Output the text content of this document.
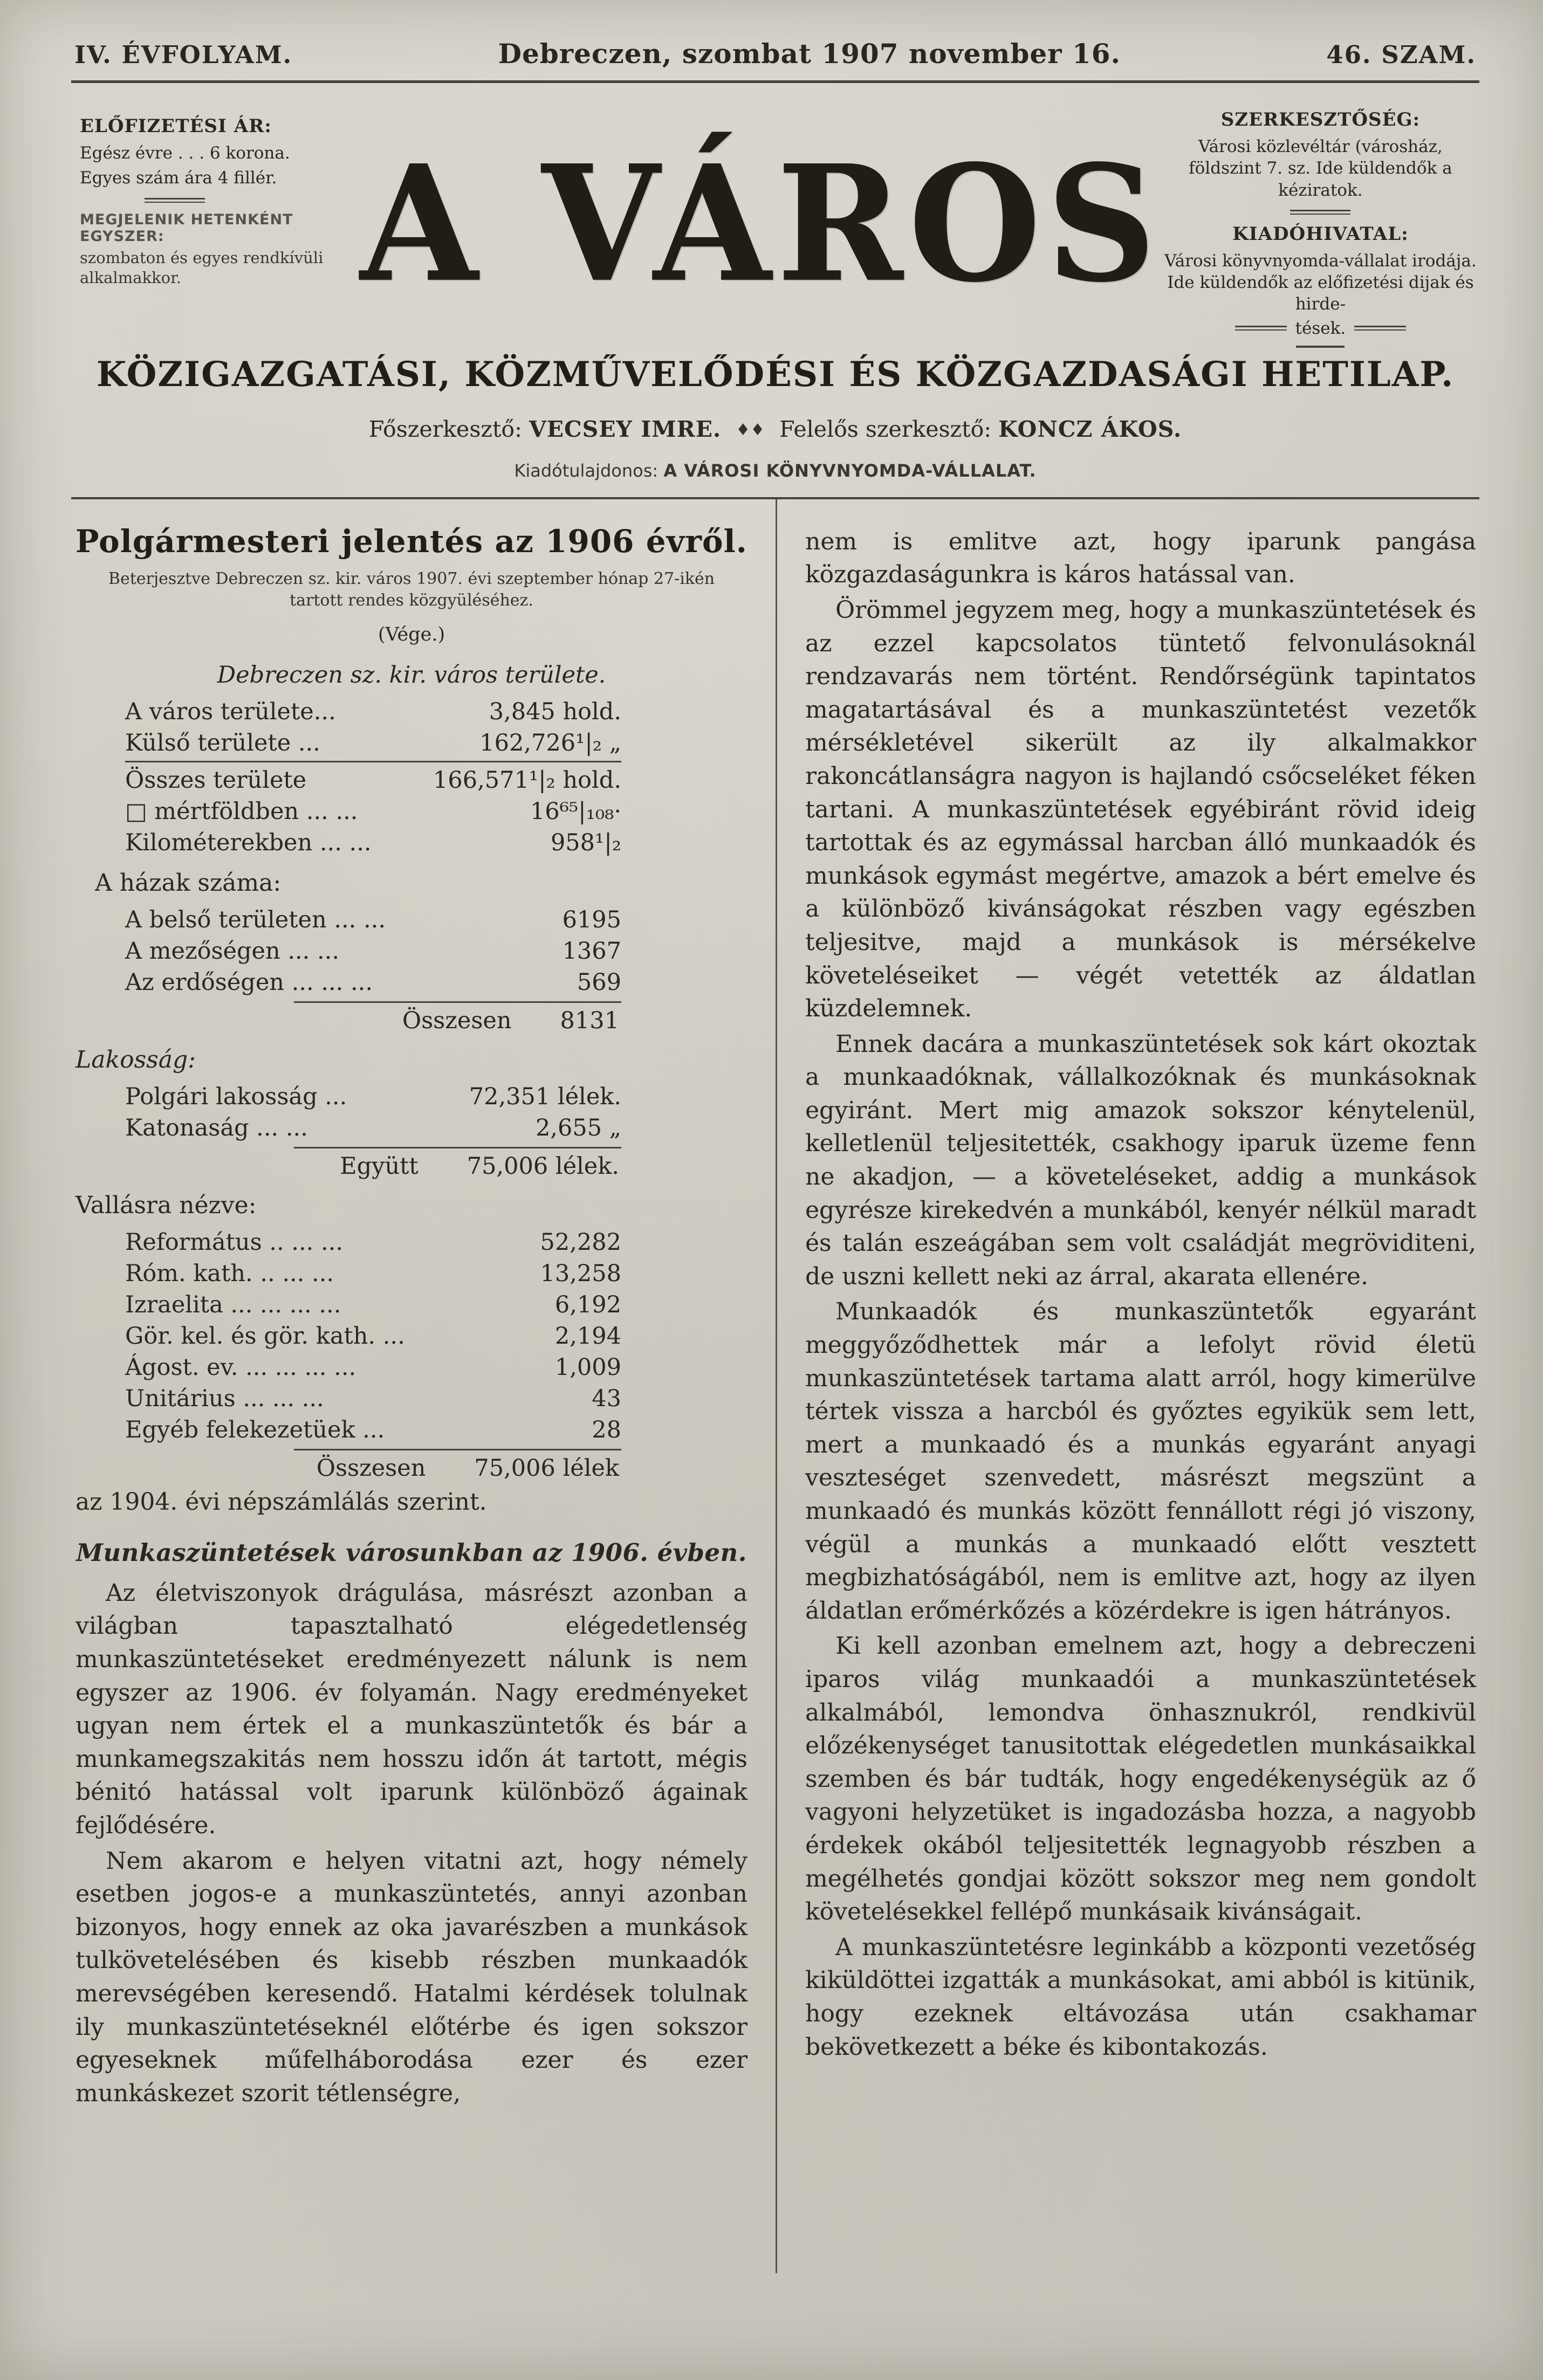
IV. ÉVFOLYAM.	Debreczen, szombat 1907 november 16.	46. SZAM.
ELŐFIZETÉSI ÁR:
Egész évre . . . 6 korona.
Egyes szám ára 4 fillér.
MEGJELENIK HETENKÉNT EGYSZER:
szombaton és egyes rendkívüli alkalmakkor.	A VÁROS
SZERKESZTŐSÉG:
Városi közlevéltár (városház, földszint 7. sz. Ide küldendők a kéziratok.
KIADÓHIVATAL:
Városi könyvnyomda-vállalat irodája. Ide küldendők az előfizetési dijak és hirde-
tések.
KÖZIGAZGATÁSI, KÖZMŰVELŐDÉSI ÉS KÖZGAZDASÁGI HETILAP.
Főszerkesztő: VECSEY IMRE. ♦♦ Felelős szerkesztő: KONCZ ÁKOS.
Kiadótulajdonos: A VÁROSI KÖNYVNYOMDA-VÁLLALAT.
Polgármesteri jelentés az 1906 évről.

Beterjesztve Debreczen sz. kir. város 1907. évi szeptember hónap 27-ikén tartott rendes közgyüléséhez.

(Vége.)

Debreczen sz. kir. város területe.

A város területe...	3,845 hold.
Külső területe ...	162,726¹|₂ „
Összes területe	166,571¹|₂ hold.
□ mértföldben ... ...	16⁶⁵|₁₀₈·
Kilométerekben ... ...	958¹|₂

A házak száma:

A belső területen ... ...	6195
A mezőségen ... ...	1367
Az erdőségen ... ... ...	569
Összesen 8131

Lakosság:

Polgári lakosság ...	72,351 lélek.
Katonaság ... ...	2,655 „
Együtt 75,006 lélek.

Vallásra nézve:

Református .. ... ...	52,282
Róm. kath. .. ... ...	13,258
Izraelita ... ... ... ...	6,192
Gör. kel. és gör. kath. ...	2,194
Ágost. ev. ... ... ... ...	1,009
Unitárius ... ... ...	43
Egyéb felekezetüek ...	28
Összesen 75,006 lélek

az 1904. évi népszámlálás szerint.

Munkaszüntetések városunkban az 1906. évben.

Az életviszonyok drágulása, másrészt azonban a világban tapasztalható elégedetlenség munkaszüntetéseket eredményezett nálunk is nem egyszer az 1906. év folyamán. Nagy eredményeket ugyan nem értek el a munkaszüntetők és bár a munkamegszakitás nem hosszu időn át tartott, mégis bénitó hatással volt iparunk különböző ágainak fejlődésére.

Nem akarom e helyen vitatni azt, hogy némely esetben jogos-e a munkaszüntetés, annyi azonban bizonyos, hogy ennek az oka javarészben a munkások tulkövetelésében és kisebb részben munkaadók merevségében keresendő. Hatalmi kérdések tolulnak ily munkaszüntetéseknél előtérbe és igen sokszor egyeseknek műfelháborodása ezer és ezer munkáskezet szorit tétlenségre,

nem is emlitve azt, hogy iparunk pangása közgazdaságunkra is káros hatással van.

Örömmel jegyzem meg, hogy a munkaszüntetések és az ezzel kapcsolatos tüntető felvonulásoknál rendzavarás nem történt. Rendőrségünk tapintatos magatartásával és a munkaszüntetést vezetők mérsékletével sikerült az ily alkalmakkor rakoncátlanságra nagyon is hajlandó csőcseléket féken tartani. A munkaszüntetések egyébiránt rövid ideig tartottak és az egymással harcban álló munkaadók és munkások egymást megértve, amazok a bért emelve és a különböző kivánságokat részben vagy egészben teljesitve, majd a munkások is mérsékelve követeléseiket — végét vetették az áldatlan küzdelemnek.

Ennek dacára a munkaszüntetések sok kárt okoztak a munkaadóknak, vállalkozóknak és munkásoknak egyiránt. Mert mig amazok sokszor kénytelenül, kelletlenül teljesitették, csakhogy iparuk üzeme fenn ne akadjon, — a követeléseket, addig a munkások egyrésze kirekedvén a munkából, kenyér nélkül maradt és talán eszeágában sem volt családját megröviditeni, de uszni kellett neki az árral, akarata ellenére.

Munkaadók és munkaszüntetők egyaránt meggyőződhettek már a lefolyt rövid életü munkaszüntetések tartama alatt arról, hogy kimerülve tértek vissza a harcból és győztes egyikük sem lett, mert a munkaadó és a munkás egyaránt anyagi veszteséget szenvedett, másrészt megszünt a munkaadó és munkás között fennállott régi jó viszony, végül a munkás a munkaadó előtt vesztett megbizhatóságából, nem is emlitve azt, hogy az ilyen áldatlan erőmérkőzés a közérdekre is igen hátrányos.

Ki kell azonban emelnem azt, hogy a debreczeni iparos világ munkaadói a munkaszüntetések alkalmából, lemondva önhasznukról, rendkivül előzékenységet tanusitottak elégedetlen munkásaikkal szemben és bár tudták, hogy engedékenységük az ő vagyoni helyzetüket is ingadozásba hozza, a nagyobb érdekek okából teljesitették legnagyobb részben a megélhetés gondjai között sokszor meg nem gondolt követelésekkel fellépő munkásaik kivánságait.

A munkaszüntetésre leginkább a központi vezetőség kiküldöttei izgatták a munkásokat, ami abból is kitünik, hogy ezeknek eltávozása után csakhamar bekövetkezett a béke és kibontakozás.
